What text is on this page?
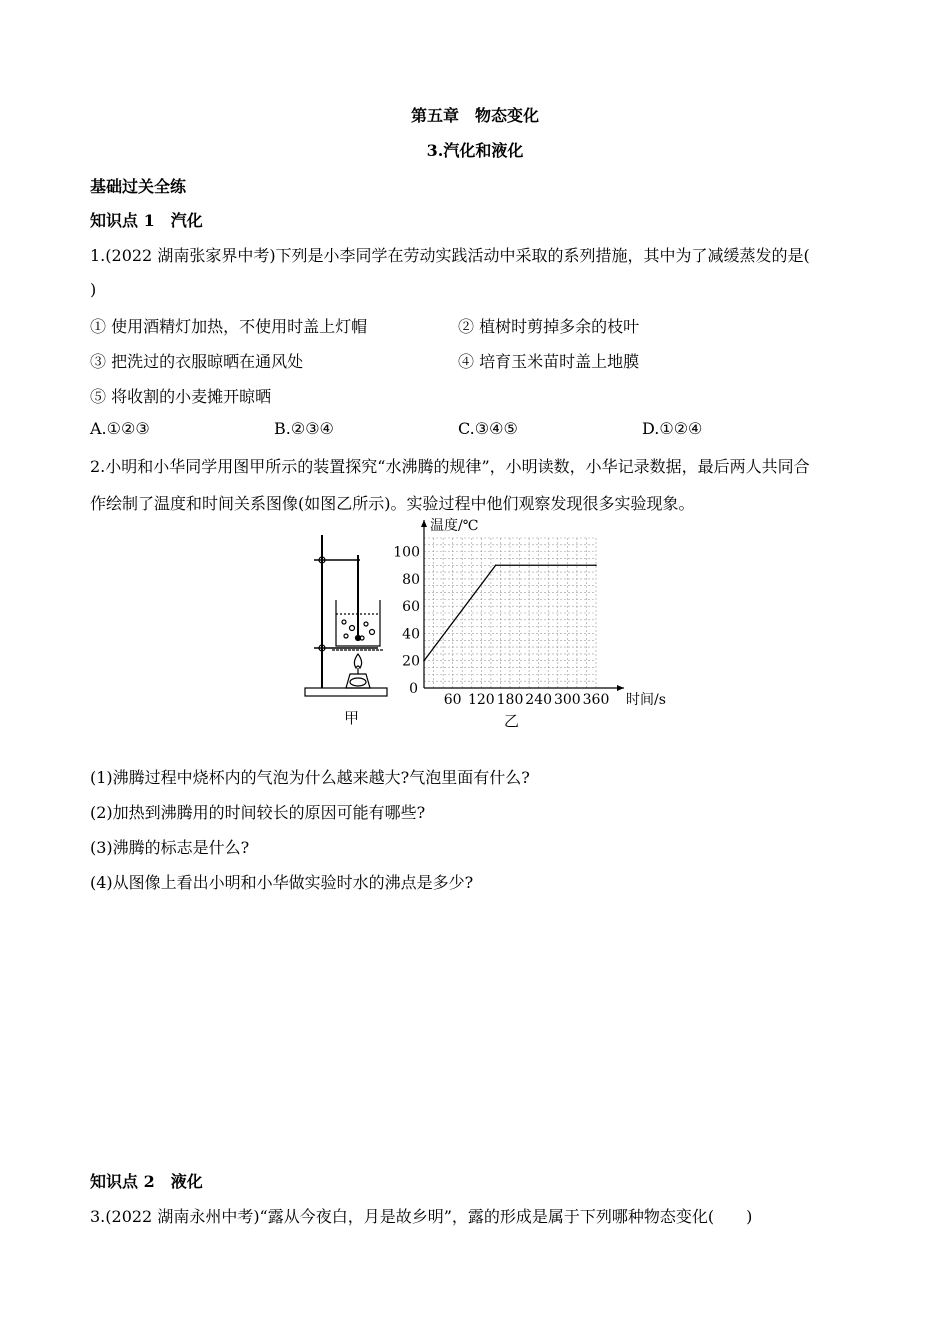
第五章　物态变化
3.汽化和液化
基础过关全练
知识点 1　汽化
1.(2022 湖南张家界中考)下列是小李同学在劳动实践活动中采取的系列措施，其中为了减缓蒸发的是(
)
① 使用酒精灯加热，不使用时盖上灯帽	② 植树时剪掉多余的枝叶
③ 把洗过的衣服晾晒在通风处	④ 培育玉米苗时盖上地膜
⑤ 将收割的小麦摊开晾晒
A.①②③	B.②③④	C.③④⑤	D.①②④
2.小明和小华同学用图甲所示的装置探究“水沸腾的规律”，小明读数，小华记录数据，最后两人共同合
作绘制了温度和时间关系图像(如图乙所示)。实验过程中他们观察发现很多实验现象。
甲
温度/℃
时间/s
0
20
40
60
80
100
60 120 180 240 300 360
乙
(1)沸腾过程中烧杯内的气泡为什么越来越大?气泡里面有什么?
(2)加热到沸腾用的时间较长的原因可能有哪些?
(3)沸腾的标志是什么?
(4)从图像上看出小明和小华做实验时水的沸点是多少?
知识点 2　液化
3.(2022 湖南永州中考)“露从今夜白，月是故乡明”，露的形成是属于下列哪种物态变化(　　)
